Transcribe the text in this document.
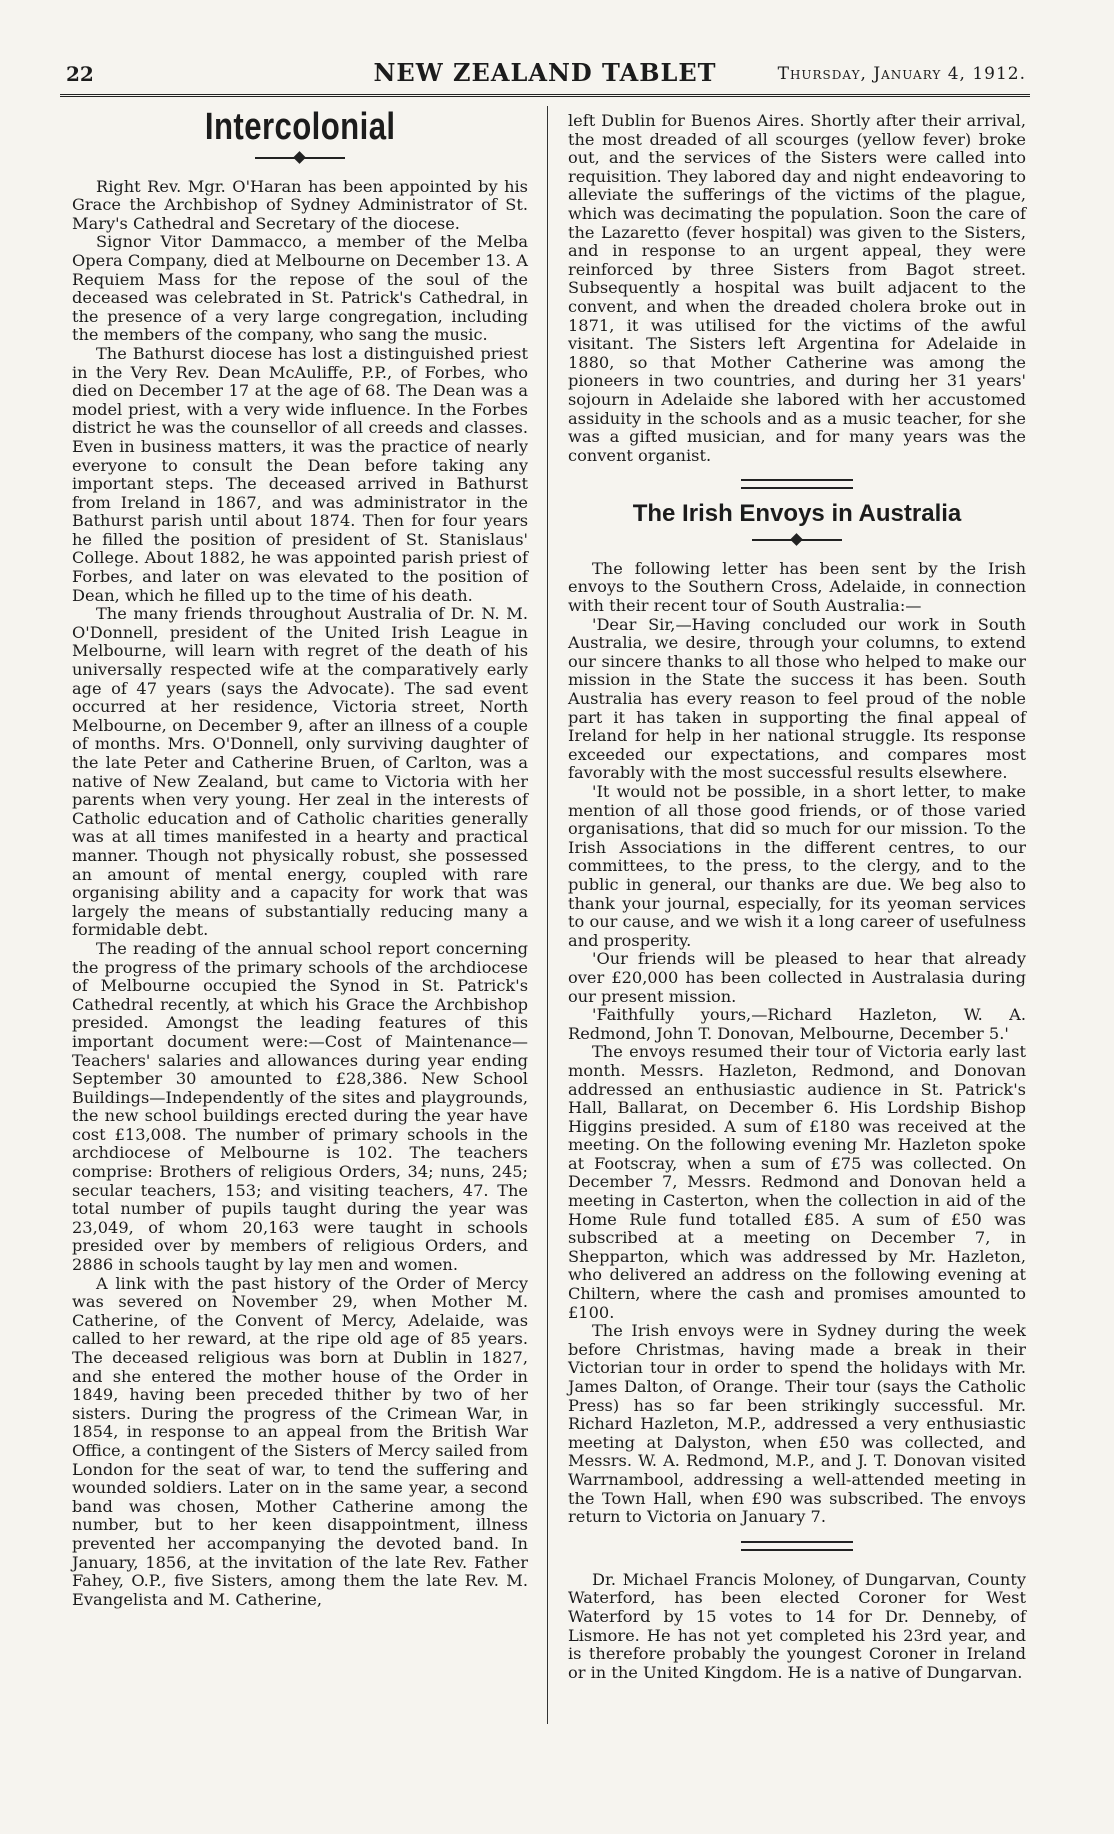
22	NEW ZEALAND TABLET	Thursday, January 4, 1912.
Intercolonial

Right Rev. Mgr. O'Haran has been appointed by his Grace the Archbishop of Sydney Administrator of St. Mary's Cathedral and Secretary of the diocese.

Signor Vitor Dammacco, a member of the Melba Opera Company, died at Melbourne on December 13. A Requiem Mass for the repose of the soul of the deceased was celebrated in St. Patrick's Cathedral, in the presence of a very large congregation, including the members of the company, who sang the music.

The Bathurst diocese has lost a distinguished priest in the Very Rev. Dean McAuliffe, P.P., of Forbes, who died on December 17 at the age of 68. The Dean was a model priest, with a very wide influence. In the Forbes district he was the counsellor of all creeds and classes. Even in business matters, it was the practice of nearly everyone to consult the Dean before taking any important steps. The deceased arrived in Bathurst from Ireland in 1867, and was administrator in the Bathurst parish until about 1874. Then for four years he filled the position of president of St. Stanislaus' College. About 1882, he was appointed parish priest of Forbes, and later on was elevated to the position of Dean, which he filled up to the time of his death.

The many friends throughout Australia of Dr. N. M. O'Donnell, president of the United Irish League in Melbourne, will learn with regret of the death of his universally respected wife at the comparatively early age of 47 years (says the Advocate). The sad event occurred at her residence, Victoria street, North Melbourne, on December 9, after an illness of a couple of months. Mrs. O'Donnell, only surviving daughter of the late Peter and Catherine Bruen, of Carlton, was a native of New Zealand, but came to Victoria with her parents when very young. Her zeal in the interests of Catholic education and of Catholic charities generally was at all times manifested in a hearty and practical manner. Though not physically robust, she possessed an amount of mental energy, coupled with rare organising ability and a capacity for work that was largely the means of substantially reducing many a formidable debt.

The reading of the annual school report concerning the progress of the primary schools of the archdiocese of Melbourne occupied the Synod in St. Patrick's Cathedral recently, at which his Grace the Archbishop presided. Amongst the leading features of this important document were:—Cost of Maintenance—Teachers' salaries and allowances during year ending September 30 amounted to £28,386. New School Buildings—Independently of the sites and playgrounds, the new school buildings erected during the year have cost £13,008. The number of primary schools in the archdiocese of Melbourne is 102. The teachers comprise: Brothers of religious Orders, 34; nuns, 245; secular teachers, 153; and visiting teachers, 47. The total number of pupils taught during the year was 23,049, of whom 20,163 were taught in schools presided over by members of religious Orders, and 2886 in schools taught by lay men and women.

A link with the past history of the Order of Mercy was severed on November 29, when Mother M. Catherine, of the Convent of Mercy, Adelaide, was called to her reward, at the ripe old age of 85 years. The deceased religious was born at Dublin in 1827, and she entered the mother house of the Order in 1849, having been preceded thither by two of her sisters. During the progress of the Crimean War, in 1854, in response to an appeal from the British War Office, a contingent of the Sisters of Mercy sailed from London for the seat of war, to tend the suffering and wounded soldiers. Later on in the same year, a second band was chosen, Mother Catherine among the number, but to her keen disappointment, illness prevented her accompanying the devoted band. In January, 1856, at the invitation of the late Rev. Father Fahey, O.P., five Sisters, among them the late Rev. M. Evangelista and M. Catherine,

left Dublin for Buenos Aires. Shortly after their arrival, the most dreaded of all scourges (yellow fever) broke out, and the services of the Sisters were called into requisition. They labored day and night endeavoring to alleviate the sufferings of the victims of the plague, which was decimating the population. Soon the care of the Lazaretto (fever hospital) was given to the Sisters, and in response to an urgent appeal, they were reinforced by three Sisters from Bagot street. Subsequently a hospital was built adjacent to the convent, and when the dreaded cholera broke out in 1871, it was utilised for the victims of the awful visitant. The Sisters left Argentina for Adelaide in 1880, so that Mother Catherine was among the pioneers in two countries, and during her 31 years' sojourn in Adelaide she labored with her accustomed assiduity in the schools and as a music teacher, for she was a gifted musician, and for many years was the convent organist.

The Irish Envoys in Australia

The following letter has been sent by the Irish envoys to the Southern Cross, Adelaide, in connection with their recent tour of South Australia:—

'Dear Sir,—Having concluded our work in South Australia, we desire, through your columns, to extend our sincere thanks to all those who helped to make our mission in the State the success it has been. South Australia has every reason to feel proud of the noble part it has taken in supporting the final appeal of Ireland for help in her national struggle. Its response exceeded our expectations, and compares most favorably with the most successful results elsewhere.

'It would not be possible, in a short letter, to make mention of all those good friends, or of those varied organisations, that did so much for our mission. To the Irish Associations in the different centres, to our committees, to the press, to the clergy, and to the public in general, our thanks are due. We beg also to thank your journal, especially, for its yeoman services to our cause, and we wish it a long career of usefulness and prosperity.

'Our friends will be pleased to hear that already over £20,000 has been collected in Australasia during our present mission.

'Faithfully yours,—Richard Hazleton, W. A. Redmond, John T. Donovan, Melbourne, December 5.'

The envoys resumed their tour of Victoria early last month. Messrs. Hazleton, Redmond, and Donovan addressed an enthusiastic audience in St. Patrick's Hall, Ballarat, on December 6. His Lordship Bishop Higgins presided. A sum of £180 was received at the meeting. On the following evening Mr. Hazleton spoke at Footscray, when a sum of £75 was collected. On December 7, Messrs. Redmond and Donovan held a meeting in Casterton, when the collection in aid of the Home Rule fund totalled £85. A sum of £50 was subscribed at a meeting on December 7, in Shepparton, which was addressed by Mr. Hazleton, who delivered an address on the following evening at Chiltern, where the cash and promises amounted to £100.

The Irish envoys were in Sydney during the week before Christmas, having made a break in their Victorian tour in order to spend the holidays with Mr. James Dalton, of Orange. Their tour (says the Catholic Press) has so far been strikingly successful. Mr. Richard Hazleton, M.P., addressed a very enthusiastic meeting at Dalyston, when £50 was collected, and Messrs. W. A. Redmond, M.P., and J. T. Donovan visited Warrnambool, addressing a well-attended meeting in the Town Hall, when £90 was subscribed. The envoys return to Victoria on January 7.

Dr. Michael Francis Moloney, of Dungarvan, County Waterford, has been elected Coroner for West Waterford by 15 votes to 14 for Dr. Denneby, of Lismore. He has not yet completed his 23rd year, and is therefore probably the youngest Coroner in Ireland or in the United Kingdom. He is a native of Dungarvan.
